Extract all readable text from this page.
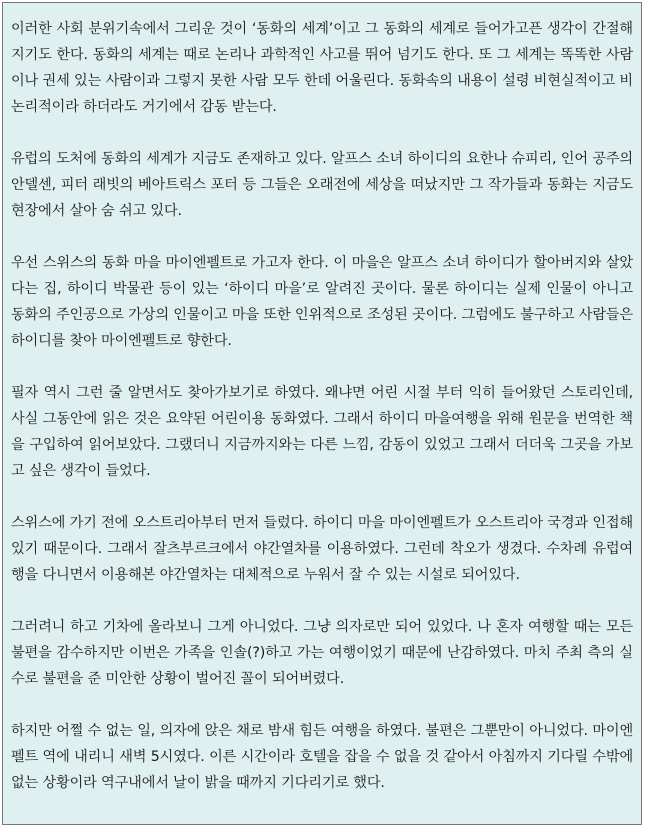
이러한 사회 분위기속에서 그리운 것이 ‘동화의 세계’이고 그 동화의 세계로 들어가고픈 생각이 간절해지기도 한다. 동화의 세계는 때로 논리나 과학적인 사고를 뛰어 넘기도 한다. 또 그 세계는 똑똑한 사람이나 권세 있는 사람이과 그렇지 못한 사람 모두 한데 어울린다. 동화속의 내용이 설령 비현실적이고 비논리적이라 하더라도 거기에서 감동 받는다.

유럽의 도처에 동화의 세계가 지금도 존재하고 있다. 알프스 소녀 하이디의 요한나 슈피리, 인어 공주의 안델센, 피터 래빗의 베아트릭스 포터 등 그들은 오래전에 세상을 떠났지만 그 작가들과 동화는 지금도 현장에서 살아 숨 쉬고 있다.

우선 스위스의 동화 마을 마이엔펠트로 가고자 한다. 이 마을은 알프스 소녀 하이디가 할아버지와 살았다는 집, 하이디 박물관 등이 있는 ‘하이디 마을’로 알려진 곳이다. 물론 하이디는 실제 인물이 아니고 동화의 주인공으로 가상의 인물이고 마을 또한 인위적으로 조성된 곳이다. 그럼에도 불구하고 사람들은 하이디를 찾아 마이엔펠트로 향한다.

필자 역시 그런 줄 알면서도 찾아가보기로 하였다. 왜냐면 어린 시절 부터 익히 들어왔던 스토리인데, 사실 그동안에 읽은 것은 요약된 어린이용 동화였다. 그래서 하이디 마을여행을 위해 원문을 번역한 책을 구입하여 읽어보았다. 그랬더니 지금까지와는 다른 느낌, 감동이 있었고 그래서 더더욱 그곳을 가보고 싶은 생각이 들었다.

스위스에 가기 전에 오스트리아부터 먼저 들렀다. 하이디 마을 마이엔펠트가 오스트리아 국경과 인접해 있기 때문이다. 그래서 잘츠부르크에서 야간열차를 이용하였다. 그런데 착오가 생겼다. 수차례 유럽여행을 다니면서 이용해본 야간열차는 대체적으로 누워서 잘 수 있는 시설로 되어있다.

그러려니 하고 기차에 올라보니 그게 아니었다. 그냥 의자로만 되어 있었다. 나 혼자 여행할 때는 모든 불편을 감수하지만 이번은 가족을 인솔(?)하고 가는 여행이었기 때문에 난감하였다. 마치 주최 측의 실수로 불편을 준 미안한 상황이 벌어진 꼴이 되어버렸다.

하지만 어쩔 수 없는 일, 의자에 앉은 채로 밤새 힘든 여행을 하였다. 불편은 그뿐만이 아니었다. 마이엔펠트 역에 내리니 새벽 5시였다. 이른 시간이라 호텔을 잡을 수 없을 것 같아서 아침까지 기다릴 수밖에 없는 상황이라 역구내에서 날이 밝을 때까지 기다리기로 했다.
